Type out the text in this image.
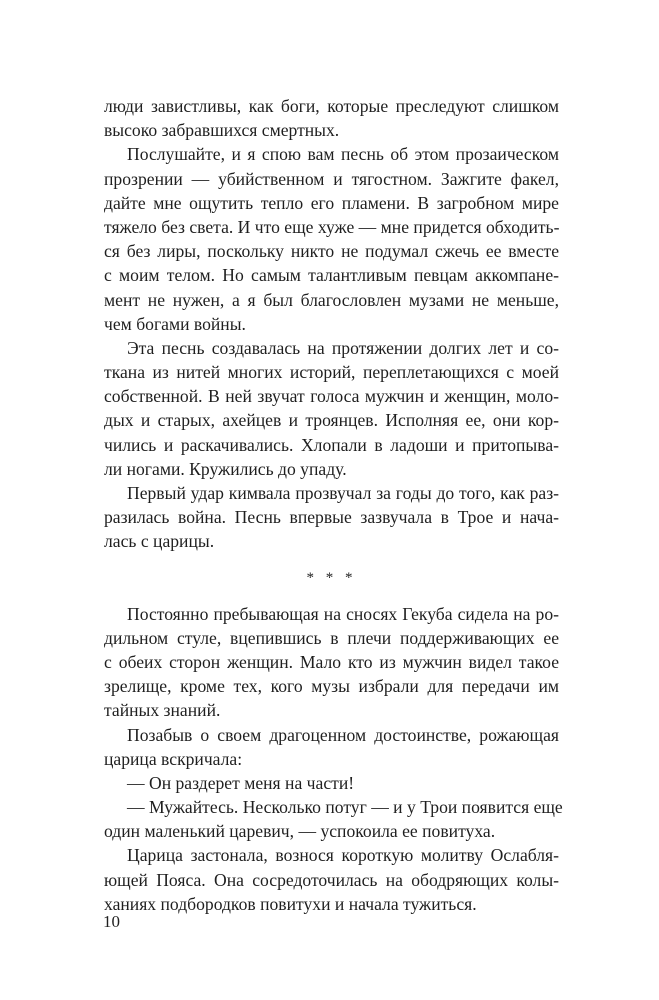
люди завистливы, как боги, которые преследуют слишком
высоко забравшихся смертных.
Послушайте, и я спою вам песнь об этом прозаическом
прозрении — убийственном и тягостном. Зажгите факел,
дайте мне ощутить тепло его пламени. В загробном мире
тяжело без света. И что еще хуже — мне придется обходить-
ся без лиры, поскольку никто не подумал сжечь ее вместе
с моим телом. Но самым талантливым певцам аккомпане-
мент не нужен, а я был благословлен музами не меньше,
чем богами войны.
Эта песнь создавалась на протяжении долгих лет и со-
ткана из нитей многих историй, переплетающихся с моей
собственной. В ней звучат голоса мужчин и женщин, моло-
дых и старых, ахейцев и троянцев. Исполняя ее, они кор-
чились и раскачивались. Хлопали в ладоши и притопыва-
ли ногами. Кружились до упаду.
Первый удар кимвала прозвучал за годы до того, как раз-
разилась война. Песнь впервые зазвучала в Трое и нача-
лась с царицы.
* * *
Постоянно пребывающая на сносях Гекуба сидела на ро-
дильном стуле, вцепившись в плечи поддерживающих ее
с обеих сторон женщин. Мало кто из мужчин видел такое
зрелище, кроме тех, кого музы избрали для передачи им
тайных знаний.
Позабыв о своем драгоценном достоинстве, рожающая
царица вскричала:
— Он раздерет меня на части!
— Мужайтесь. Несколько потуг — и у Трои появится еще
один маленький царевич, — успокоила ее повитуха.
Царица застонала, вознося короткую молитву Ослабля-
ющей Пояса. Она сосредоточилась на ободряющих колы-
ханиях подбородков повитухи и начала тужиться.
10
